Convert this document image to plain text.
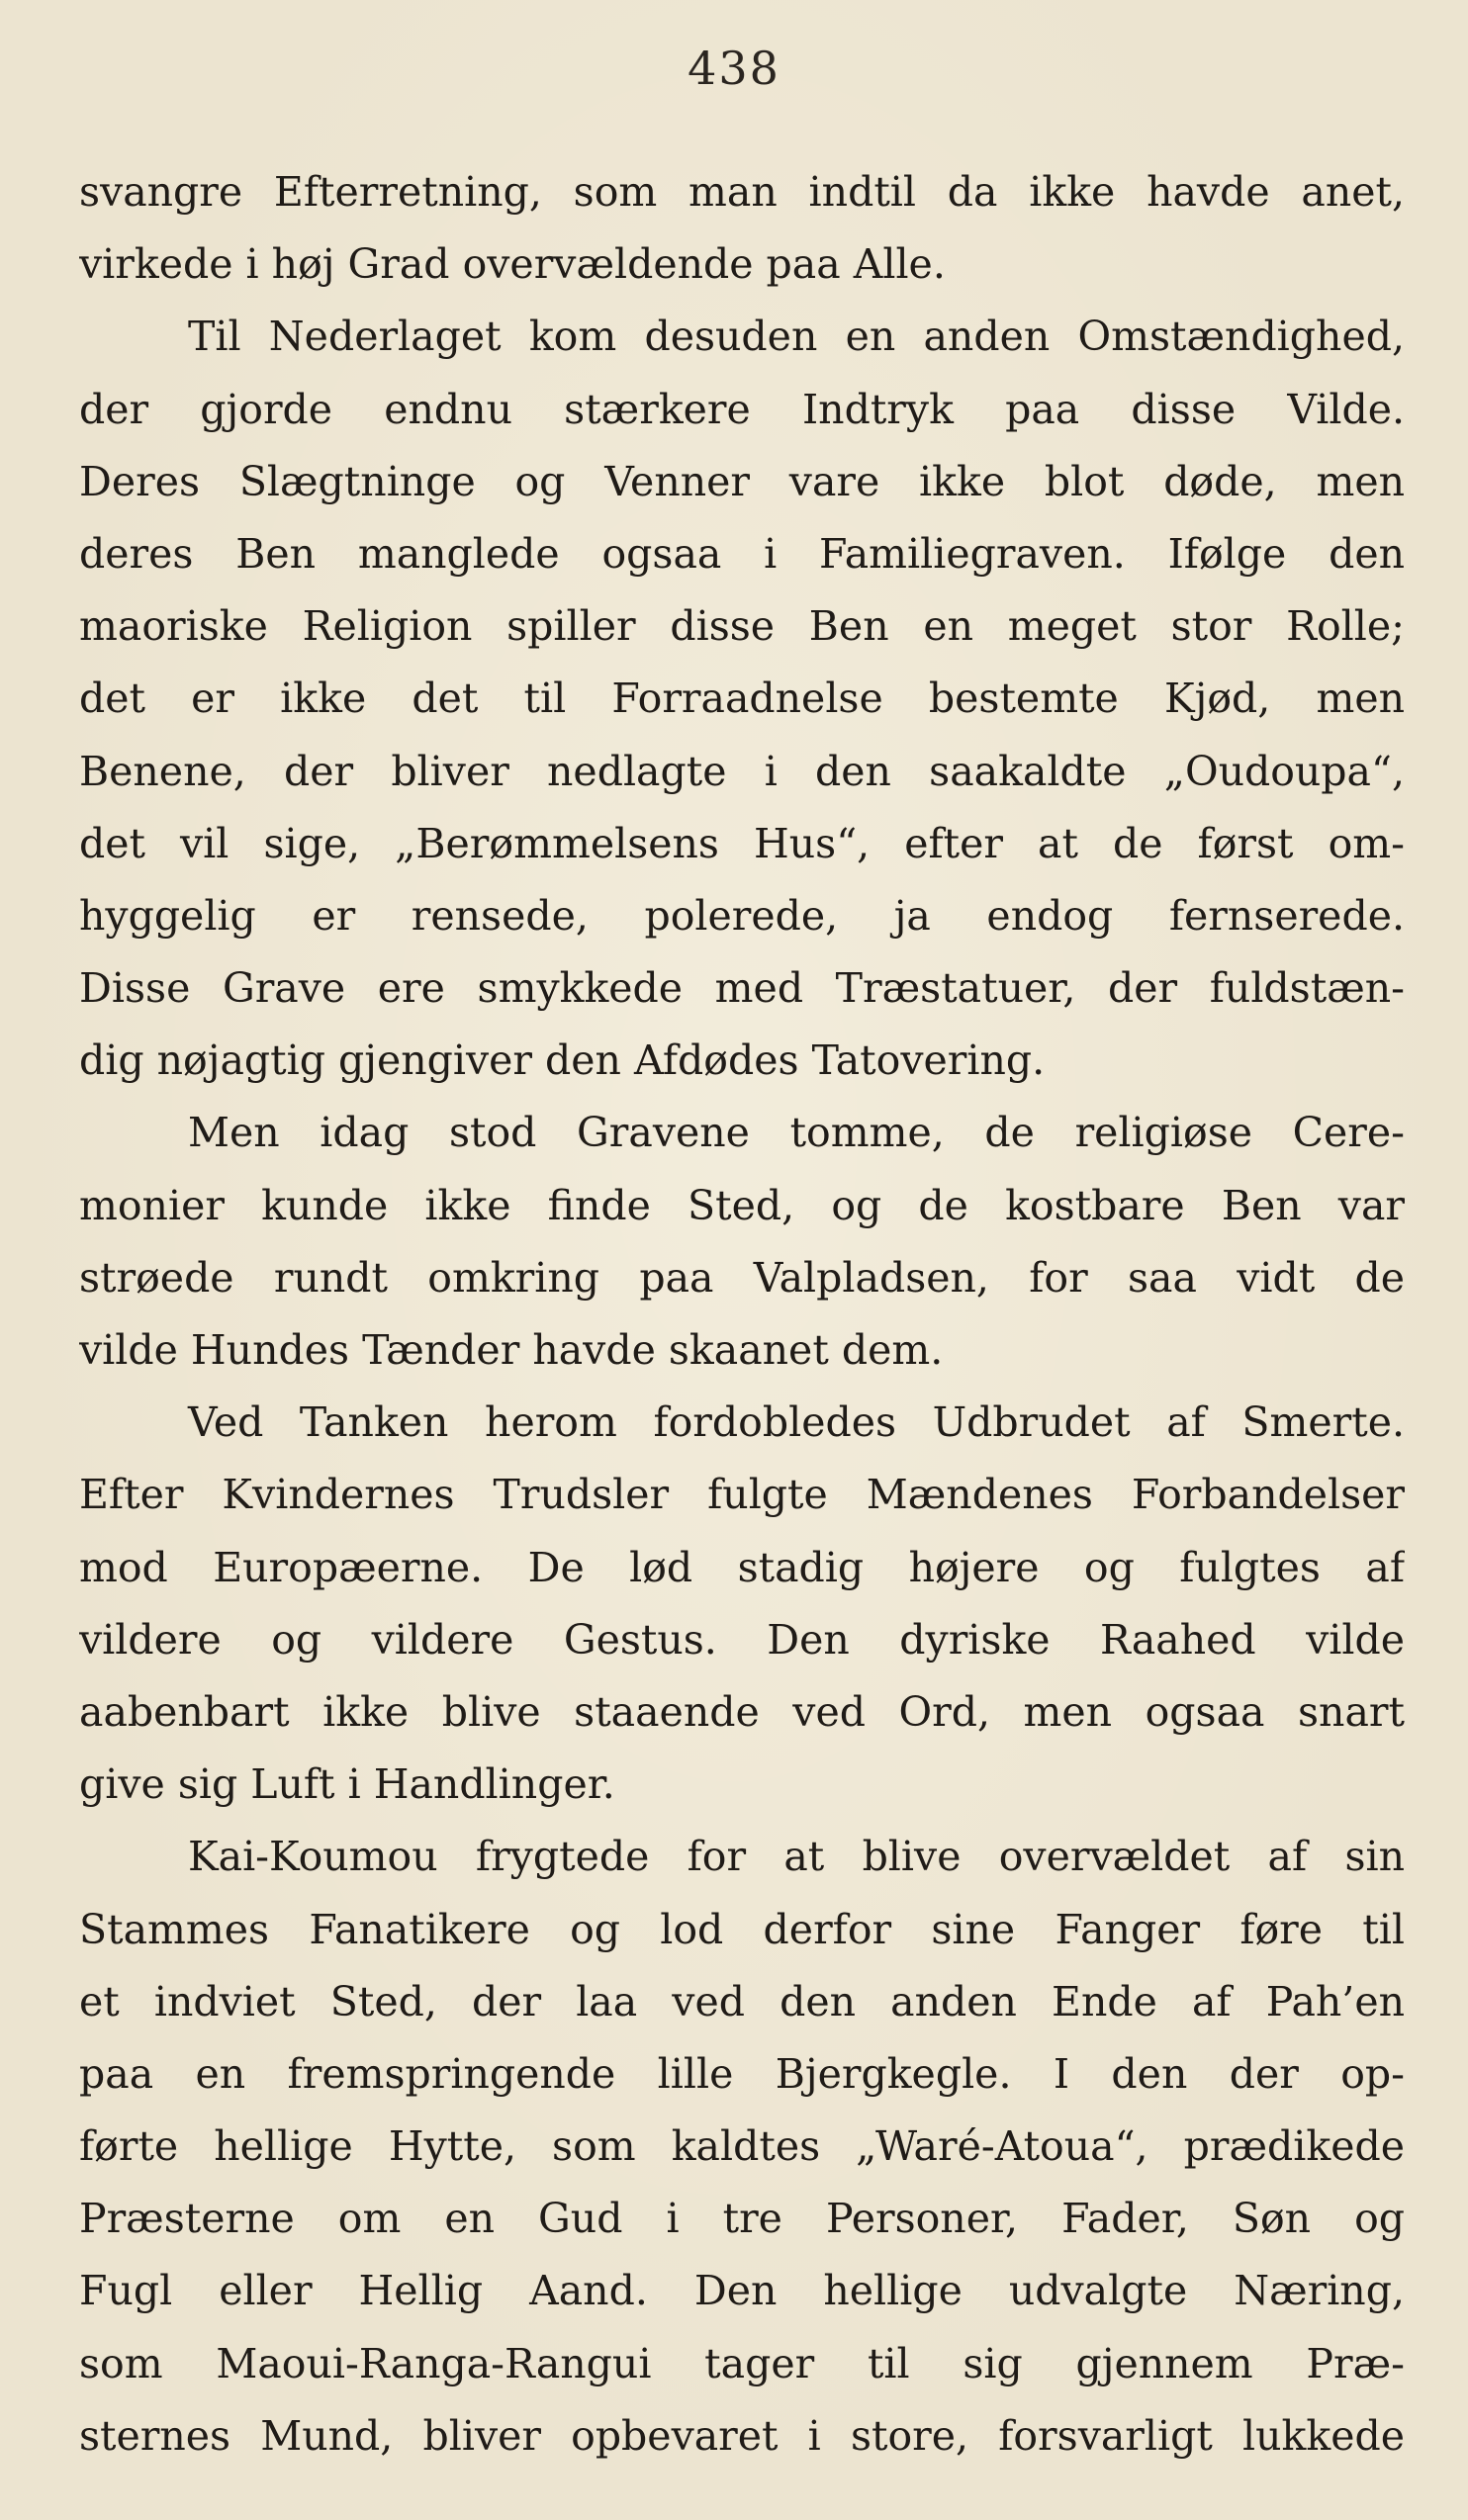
438
svangre Efterretning, som man indtil da ikke havde anet,
virkede i høj Grad overvældende paa Alle.
Til Nederlaget kom desuden en anden Omstændighed,
der gjorde endnu stærkere Indtryk paa disse Vilde.
Deres Slægtninge og Venner vare ikke blot døde, men
deres Ben manglede ogsaa i Familiegraven. Ifølge den
maoriske Religion spiller disse Ben en meget stor Rolle;
det er ikke det til Forraadnelse bestemte Kjød, men
Benene, der bliver nedlagte i den saakaldte „Oudoupa“,
det vil sige, „Berømmelsens Hus“, efter at de først om-
hyggelig er rensede, polerede, ja endog fernserede.
Disse Grave ere smykkede med Træstatuer, der fuldstæn-
dig nøjagtig gjengiver den Afdødes Tatovering.
Men idag stod Gravene tomme, de religiøse Cere-
monier kunde ikke finde Sted, og de kostbare Ben var
strøede rundt omkring paa Valpladsen, for saa vidt de
vilde Hundes Tænder havde skaanet dem.
Ved Tanken herom fordobledes Udbrudet af Smerte.
Efter Kvindernes Trudsler fulgte Mændenes Forbandelser
mod Europæerne. De lød stadig højere og fulgtes af
vildere og vildere Gestus. Den dyriske Raahed vilde
aabenbart ikke blive staaende ved Ord, men ogsaa snart
give sig Luft i Handlinger.
Kai-Koumou frygtede for at blive overvældet af sin
Stammes Fanatikere og lod derfor sine Fanger føre til
et indviet Sted, der laa ved den anden Ende af Pah’en
paa en fremspringende lille Bjergkegle. I den der op-
førte hellige Hytte, som kaldtes „Waré-Atoua“, prædikede
Præsterne om en Gud i tre Personer, Fader, Søn og
Fugl eller Hellig Aand. Den hellige udvalgte Næring,
som Maoui-Ranga-Rangui tager til sig gjennem Præ-
sternes Mund, bliver opbevaret i store, forsvarligt lukkede
